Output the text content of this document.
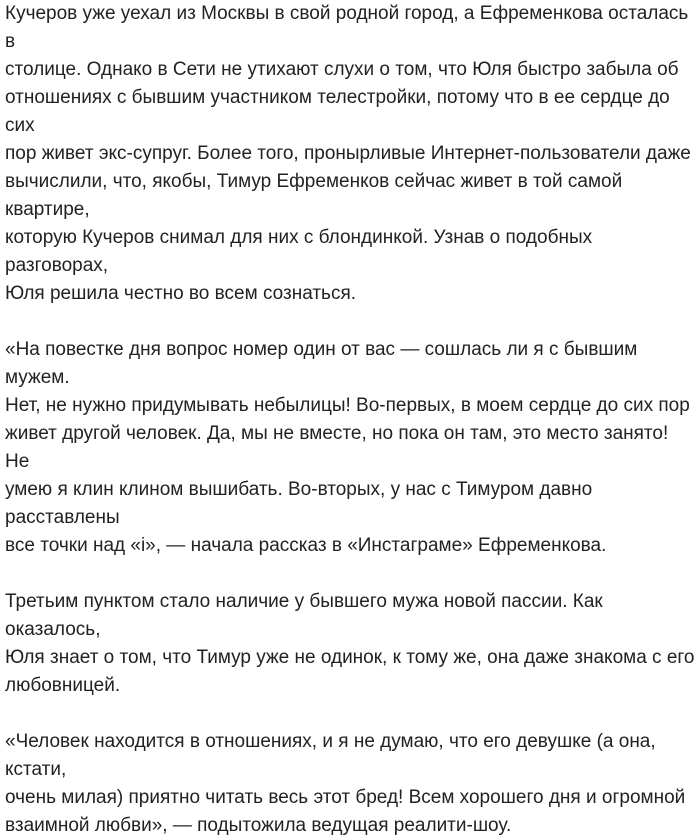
Кучеров уже уехал из Москвы в свой родной город, а Ефременкова осталась в
столице. Однако в Сети не утихают слухи о том, что Юля быстро забыла об
отношениях с бывшим участником телестройки, потому что в ее сердце до сих
пор живет экс-супруг. Более того, пронырливые Интернет-пользователи даже
вычислили, что, якобы, Тимур Ефременков сейчас живет в той самой квартире,
которую Кучеров снимал для них с блондинкой. Узнав о подобных разговорах,
Юля решила честно во всем сознаться.

«На повестке дня вопрос номер один от вас — сошлась ли я с бывшим мужем.
Нет, не нужно придумывать небылицы! Во-первых, в моем сердце до сих пор
живет другой человек. Да, мы не вместе, но пока он там, это место занято! Не
умею я клин клином вышибать. Во-вторых, у нас с Тимуром давно расставлены
все точки над «i», — начала рассказ в «Инстаграме» Ефременкова.

Третьим пунктом стало наличие у бывшего мужа новой пассии. Как оказалось,
Юля знает о том, что Тимур уже не одинок, к тому же, она даже знакома с его
любовницей.

«Человек находится в отношениях, и я не думаю, что его девушке (а она, кстати,
очень милая) приятно читать весь этот бред! Всем хорошего дня и огромной
взаимной любви», — подытожила ведущая реалити-шоу.
